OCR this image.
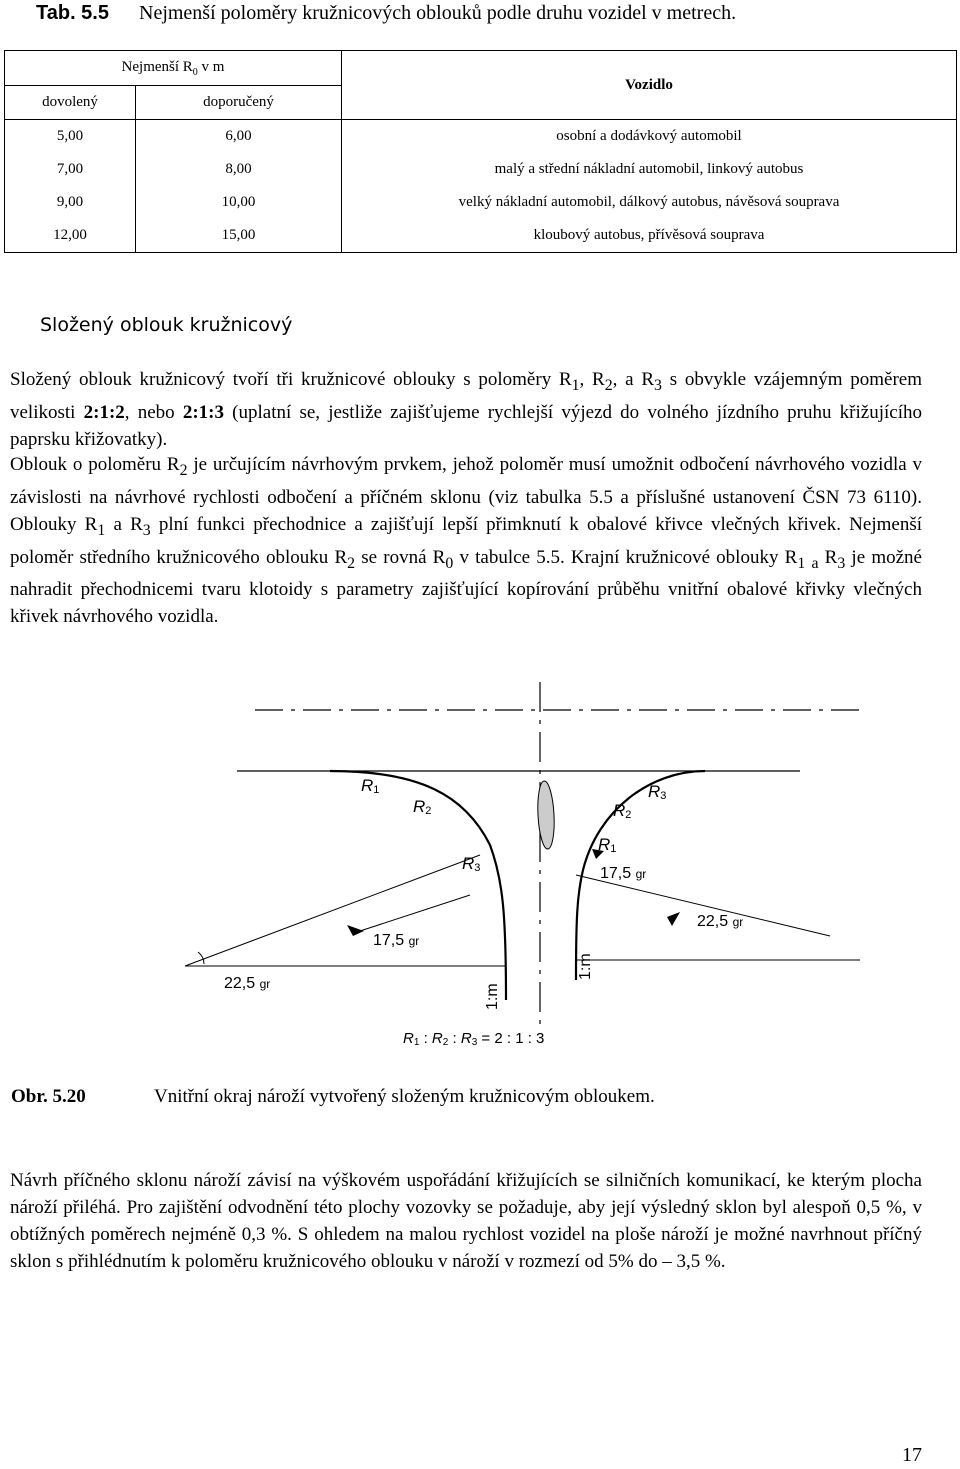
Tab. 5.5 Nejmenší poloměry kružnicových oblouků podle druhu vozidel v metrech.
Nejmenší $R_0$ v m		Vozidlo
dovolený	doporučený	
5,00	6,00	osobní a dodávkový automobil
7,00	8,00	malý a střední nákladní automobil, linkový autobus
9,00	10,00	velký nákladní automobil, dálkový autobus, návěsová souprava
12,00	15,00	kloubový autobus, přívěsová souprava
Složený oblouk kružnicový
Složený oblouk kružnicový tvoří tři kružnicové oblouky s poloměry $R_1$, $R_2$, a $R_3$ s obvykle vzájemným poměrem velikosti 2:1:2, nebo 2:1:3 (uplatní se, jestliže zajišťujeme rychlejší výjezd do volného jízdního pruhu křižujícího paprsku křižovatky).
Oblouk o poloměru $R_2$ je určujícím návrhovým prvkem, jehož poloměr musí umožnit odbočení návrhového vozidla v závislosti na návrhové rychlosti odbočení a příčném sklonu (viz tabulka 5.5 a příslušné ustanovení ČSN 73 6110). Oblouky $R_1$ a $R_3$ plní funkci přechodnice a zajišťují lepší přimknutí k obalové křivce vlečných křivek. Nejmenší poloměr středního kružnicového oblouku $R_2$ se rovná $R_0$ v tabulce 5.5. Krajní kružnicové oblouky $R_1$ $_a$ $R_3$ je možné nahradit přechodnicemi tvaru klotoidy s parametry zajišťující kopírování průběhu vnitřní obalové křivky vlečných křivek návrhového vozidla.
R1
R2
R3
R3
R2
R1
17,5 gr
22,5 gr
17,5 gr
22,5 gr	1:m
1:m
R1 : R2 : R3 = 2 : 1 : 3
Obr. 5.20	Vnitřní okraj nároží vytvořený složeným kružnicovým obloukem.
Návrh příčného sklonu nároží závisí na výškovém uspořádání křižujících se silničních komunikací, ke kterým plocha nároží přiléhá. Pro zajištění odvodnění této plochy vozovky se požaduje, aby její výsledný sklon byl alespoň 0,5 %, v obtížných poměrech nejméně 0,3 %. S ohledem na malou rychlost vozidel na ploše nároží je možné navrhnout příčný sklon s přihlédnutím k poloměru kružnicového oblouku v nároží v rozmezí od 5% do – 3,5 %.
17
